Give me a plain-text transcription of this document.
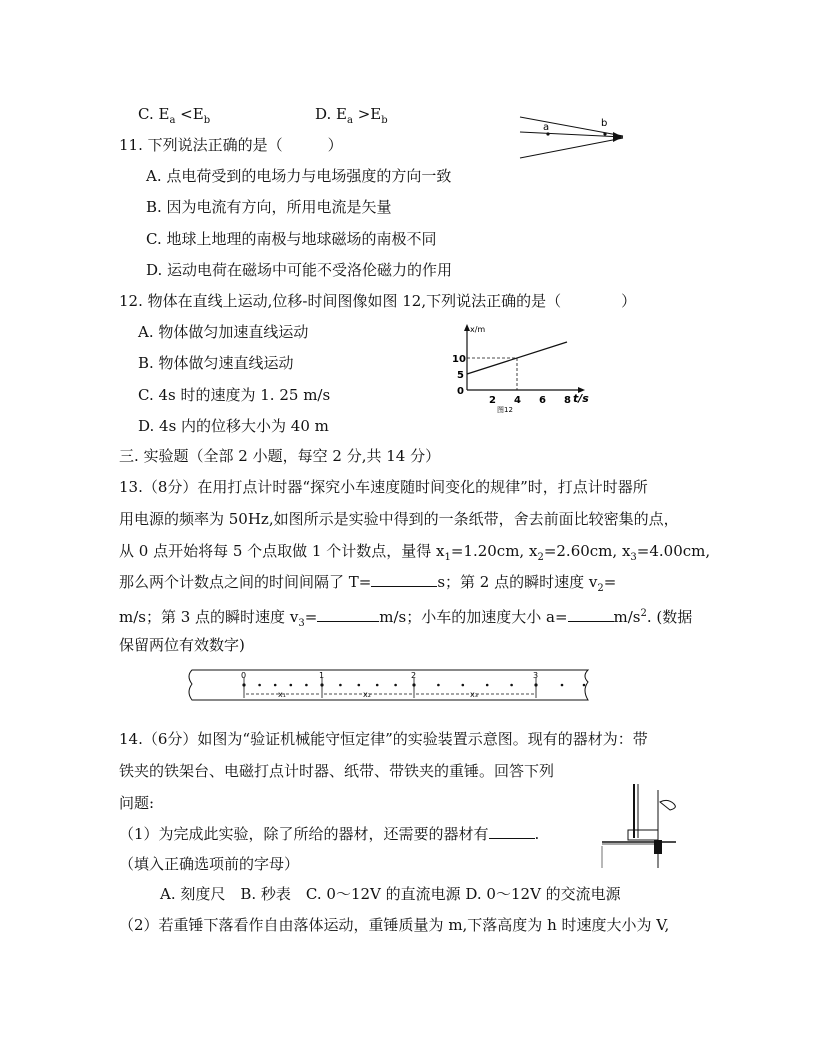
C. $E_a <E_b$	D. $E_a >E_b$
a	b
11. 下列说法正确的是（　　　）
A. 点电荷受到的电场力与电场强度的方向一致
B. 因为电流有方向，所用电流是矢量
C. 地球上地理的南极与地球磁场的南极不同
D. 运动电荷在磁场中可能不受洛伦磁力的作用
12. 物体在直线上运动,位移-时间图像如图 12,下列说法正确的是（　　　　）
A. 物体做匀加速直线运动
B. 物体做匀速直线运动
C. 4s 时的速度为 1. 25 m/s
D. 4s 内的位移大小为 40 m
x/m
t/s
图12
2 4 6 8
0
5
10
三. 实验题（全部 2 小题，每空 2 分,共 14 分）
13.（8分）在用打点计时器“探究小车速度随时间变化的规律”时，打点计时器所
用电源的频率为 50Hz,如图所示是实验中得到的一条纸带，舍去前面比较密集的点，
从 0 点开始将每 5 个点取做 1 个计数点，量得 $x_1=1.20cm$, $x_2=2.60cm$, $x_3=4.00cm$,
那么两个计数点之间的时间间隔了 T=	s；第 2 点的瞬时速度 $v_2=$
m/s；第 3 点的瞬时速度 $v_3=$	m/s；小车的加速度大小 a=	$m/s^2$. (数据
保留两位有效数字)
0	1	2	3
x₁	x₂	x₃
14.（6分）如图为“验证机械能守恒定律”的实验装置示意图。现有的器材为：带
铁夹的铁架台、电磁打点计时器、纸带、带铁夹的重锤。回答下列
问题:
（1）为完成此实验，除了所给的器材，还需要的器材有	.
（填入正确选项前的字母）
A. 刻度尺　B. 秒表　C. 0～12V 的直流电源 D. 0～12V 的交流电源
（2）若重锤下落看作自由落体运动，重锤质量为 m,下落高度为 h 时速度大小为 V,
